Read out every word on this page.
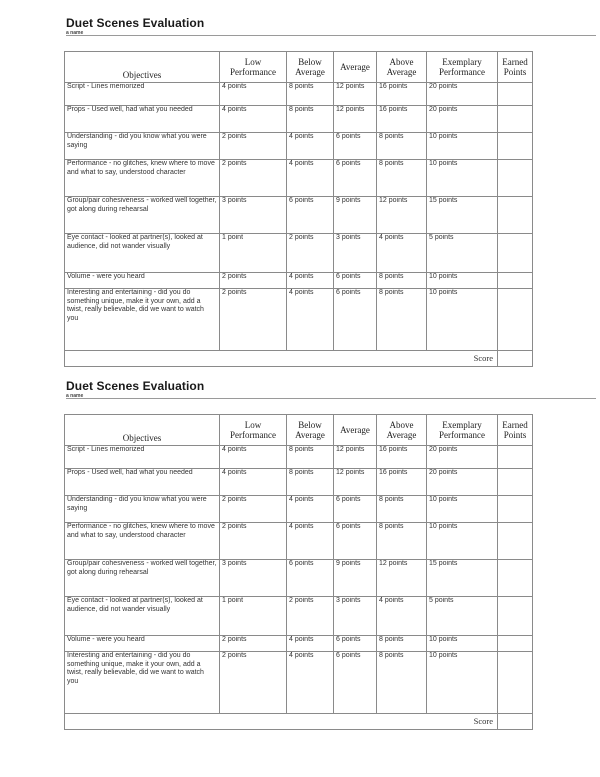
Duet Scenes Evaluation
a name
Objectives	Low Performance	Below Average	Average	Above Average	Exemplary Performance	Earned Points
Script - Lines memorized	4 points	8 points	12 points	16 points	20 points	
Props - Used well, had what you needed	4 points	8 points	12 points	16 points	20 points	
Understanding - did you know what you were saying	2 points	4 points	6 points	8 points	10 points	
Performance - no glitches, knew where to move and what to say, understood character	2 points	4 points	6 points	8 points	10 points	
Group/pair cohesiveness - worked well together, got along during rehearsal	3 points	6 points	9 points	12 points	15 points	
Eye contact - looked at partner(s), looked at audience, did not wander visually	1 point	2 points	3 points	4 points	5 points	
Volume - were you heard	2 points	4 points	6 points	8 points	10 points	
Interesting and entertaining - did you do something unique, make it your own, add a twist, really believable, did we want to watch you	2 points	4 points	6 points	8 points	10 points	
Score						
Duet Scenes Evaluation
a name
Objectives	Low Performance	Below Average	Average	Above Average	Exemplary Performance	Earned Points
Script - Lines memorized	4 points	8 points	12 points	16 points	20 points	
Props - Used well, had what you needed	4 points	8 points	12 points	16 points	20 points	
Understanding - did you know what you were saying	2 points	4 points	6 points	8 points	10 points	
Performance - no glitches, knew where to move and what to say, understood character	2 points	4 points	6 points	8 points	10 points	
Group/pair cohesiveness - worked well together, got along during rehearsal	3 points	6 points	9 points	12 points	15 points	
Eye contact - looked at partner(s), looked at audience, did not wander visually	1 point	2 points	3 points	4 points	5 points	
Volume - were you heard	2 points	4 points	6 points	8 points	10 points	
Interesting and entertaining - did you do something unique, make it your own, add a twist, really believable, did we want to watch you	2 points	4 points	6 points	8 points	10 points	
Score						
